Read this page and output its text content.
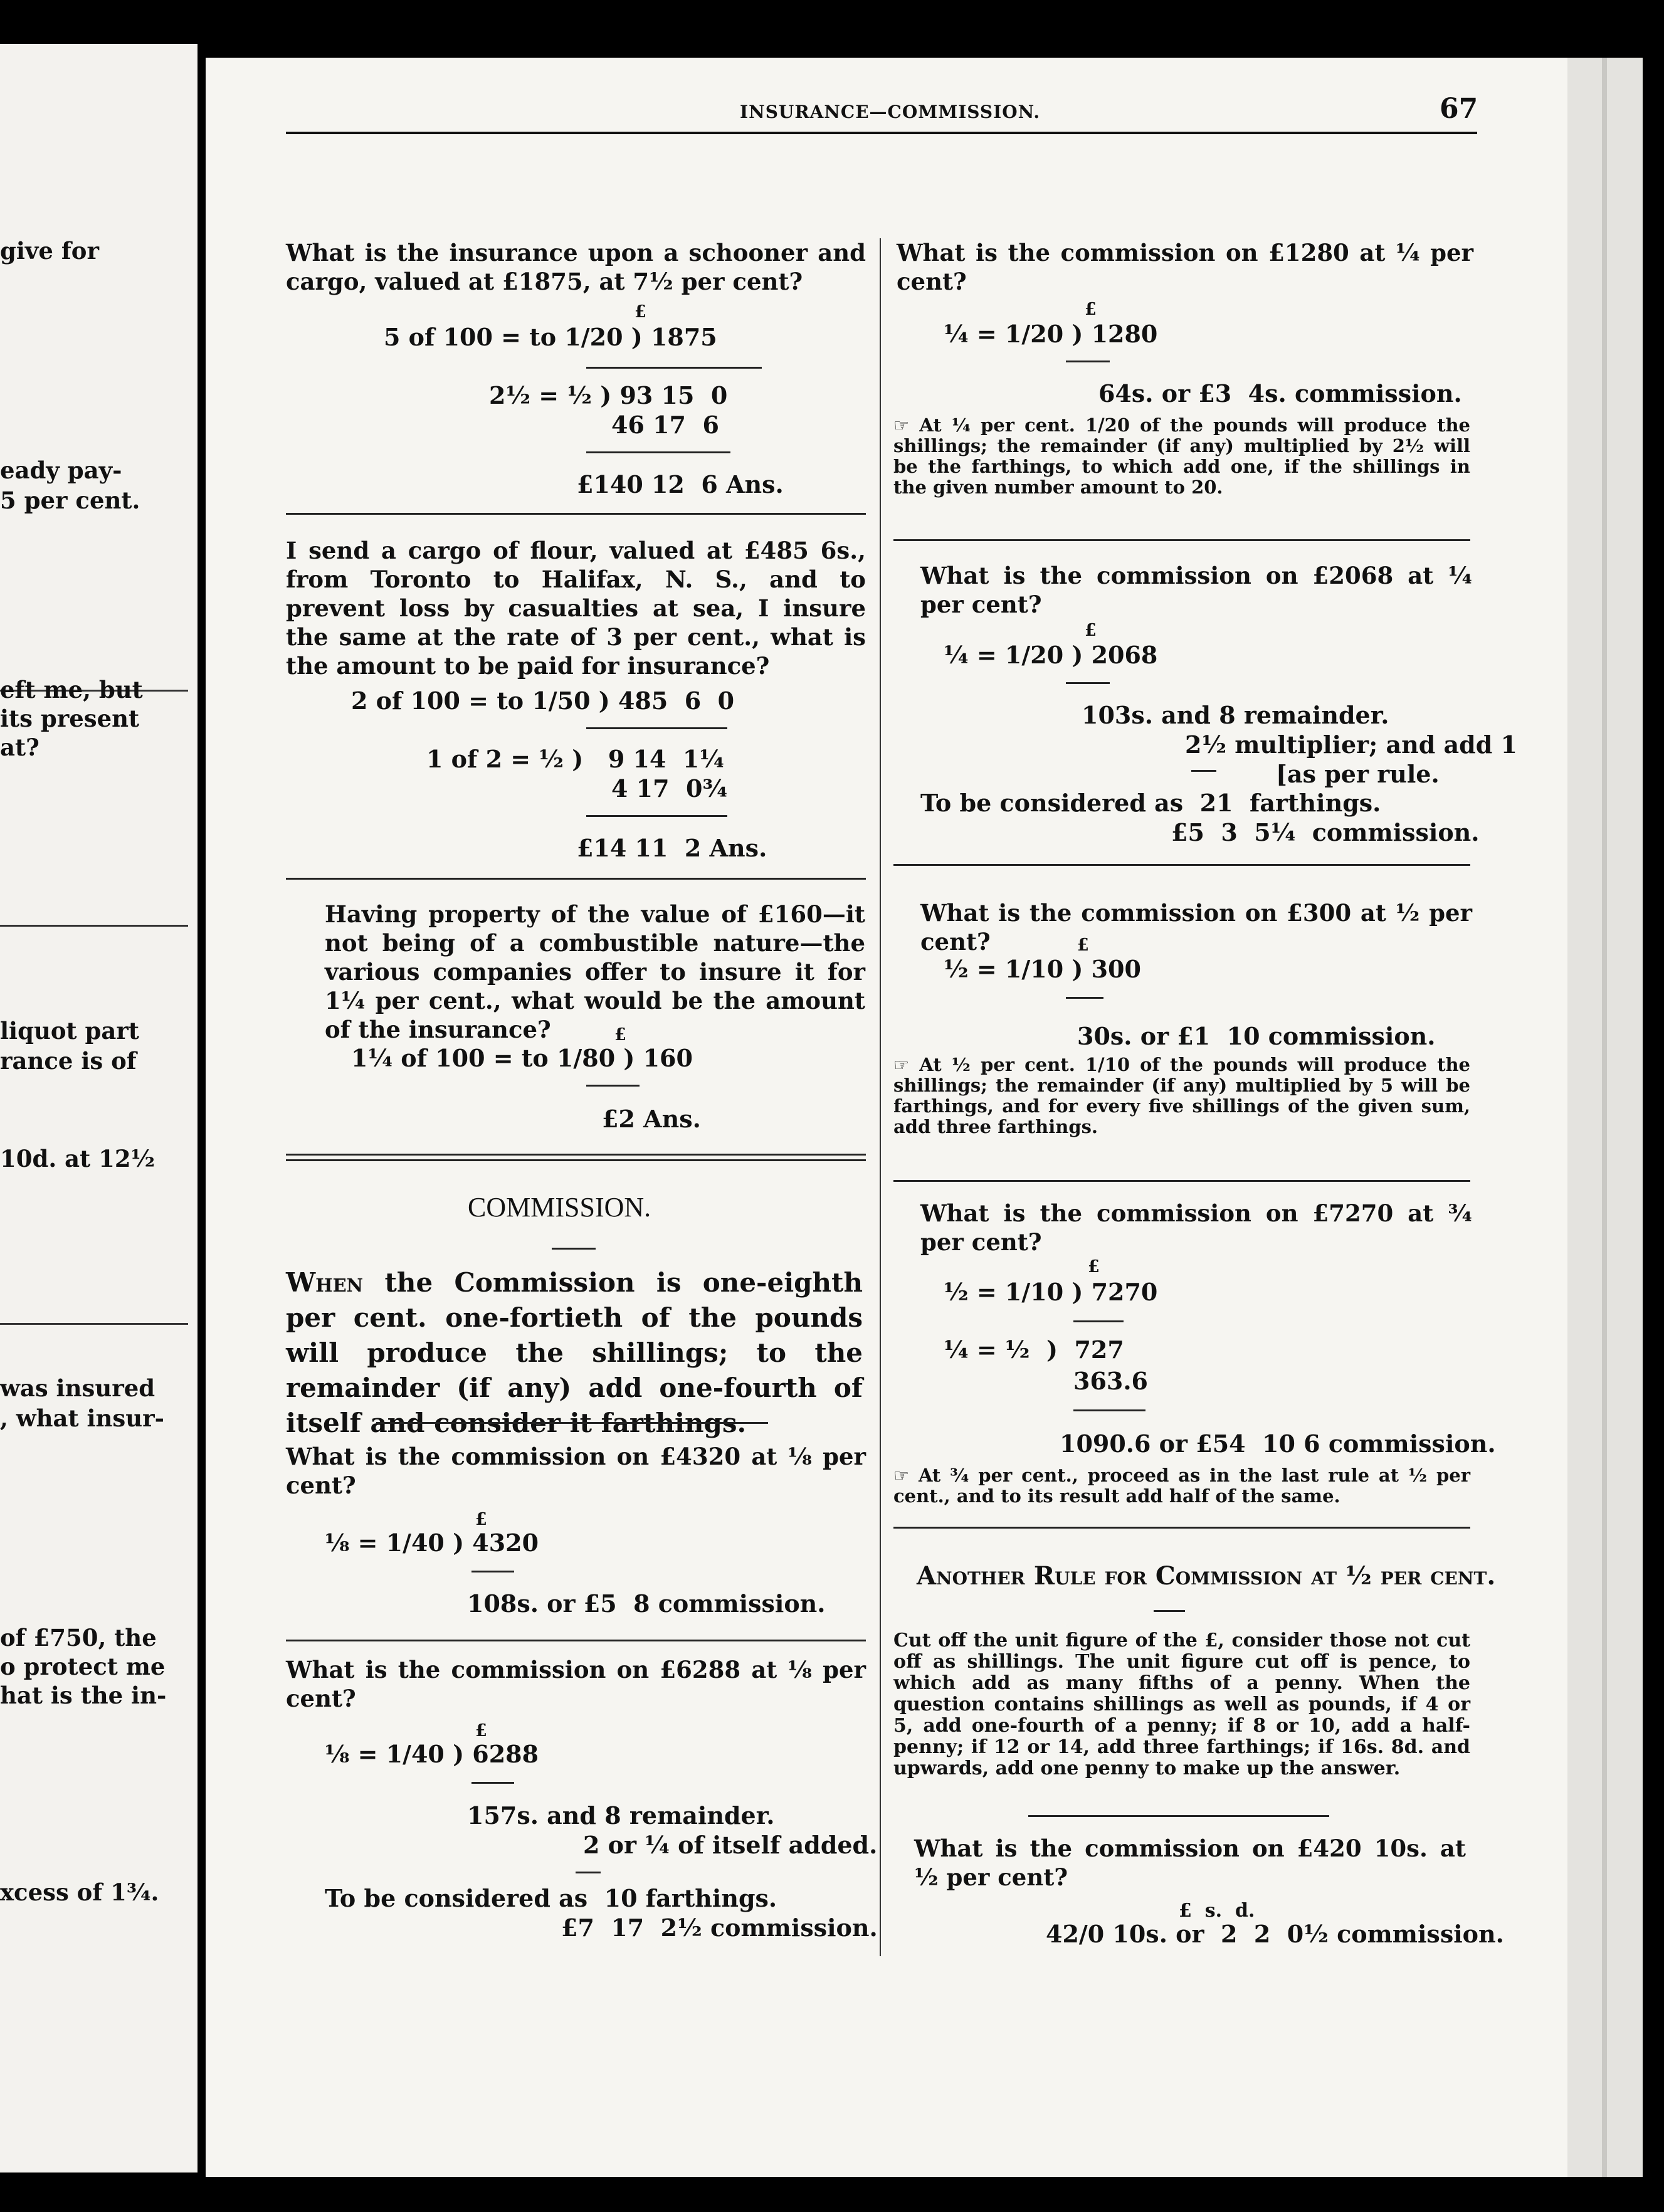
give for
eady pay-
5 per cent.
eft me, but
its present
at?
liquot part
rance is of
10d. at 12½
was insured
, what insur-
of £750, the
o protect me
hat is the in-
xcess of 1¾.
INSURANCE—COMMISSION.	67
What is the insurance upon a schooner and cargo, valued at £1875, at 7½ per cent?
£
5 of 100 = to 1/20 ) 1875
2½ = ½ ) 93 15  0
46 17  6
£140 12  6 Ans.
I send a cargo of flour, valued at £485 6s., from Toronto to Halifax, N. S., and to prevent loss by casualties at sea, I insure the same at the rate of 3 per cent., what is the amount to be paid for insurance?
2 of 100 = to 1/50 ) 485  6  0
1 of 2 = ½ )   9 14  1¼
4 17  0¾
£14 11  2 Ans.
Having property of the value of £160—it not being of a combustible nature—the various companies offer to insure it for 1¼ per cent., what would be the amount of the insurance?	£
1¼ of 100 = to 1/80 ) 160
£2 Ans.
COMMISSION.
When the Commission is one-eighth per cent. one-fortieth of the pounds will produce the shillings; to the remainder (if any) add one-fourth of itself and consider it farthings.
What is the commission on £4320 at ⅛ per cent?
£
⅛ = 1/40 ) 4320
108s. or £5  8 commission.
What is the commission on £6288 at ⅛ per cent?
£
⅛ = 1/40 ) 6288
157s. and 8 remainder.
2 or ¼ of itself added.
To be considered as  10 farthings.
£7  17  2½ commission.
What is the commission on £1280 at ¼ per cent?
£
¼ = 1/20 ) 1280
64s. or £3  4s. commission.
☞ At ¼ per cent. 1/20 of the pounds will produce the shillings; the remainder (if any) multiplied by 2½ will be the farthings, to which add one, if the shillings in the given number amount to 20.
What is the commission on £2068 at ¼ per cent?
£
¼ = 1/20 ) 2068
103s. and 8 remainder.
2½ multiplier; and add 1
[as per rule.
To be considered as  21  farthings.
£5  3  5¼  commission.
What is the commission on £300 at ½ per cent?	£
½ = 1/10 ) 300
30s. or £1  10 commission.
☞ At ½ per cent. 1/10 of the pounds will produce the shillings; the remainder (if any) multiplied by 5 will be farthings, and for every five shillings of the given sum, add three farthings.
What is the commission on £7270 at ¾ per cent?
£
½ = 1/10 ) 7270
¼ = ½  )  727
363.6
1090.6 or £54  10 6 commission.
☞ At ¾ per cent., proceed as in the last rule at ½ per cent., and to its result add half of the same.
Another Rule for Commission at ½ per cent.
Cut off the unit figure of the £, consider those not cut off as shillings. The unit figure cut off is pence, to which add as many fifths of a penny. When the question contains shillings as well as pounds, if 4 or 5, add one-fourth of a penny; if 8 or 10, add a half-penny; if 12 or 14, add three farthings; if 16s. 8d. and upwards, add one penny to make up the answer.
What is the commission on £420 10s. at ½ per cent?
£  s.  d.
42/0 10s. or  2  2  0½ commission.
